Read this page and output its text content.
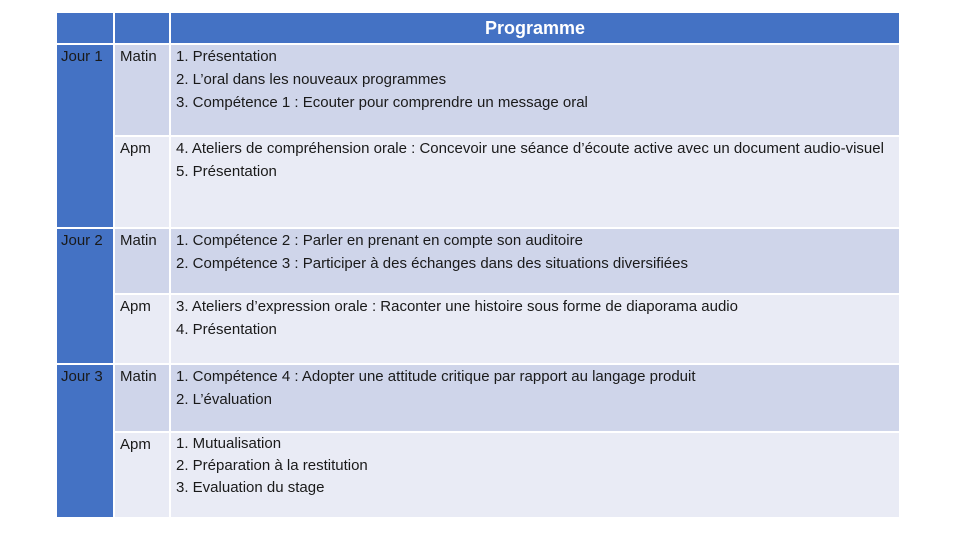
		Programme
Jour 1	Matin	1. Présentation
2. L’oral dans les nouveaux programmes
3. Compétence 1 : Ecouter pour comprendre un message oral

	Apm	4. Ateliers de compréhension orale : Concevoir une séance d’écoute active avec un document audio-visuel
5. Présentation

Jour 2	Matin	1. Compétence 2 : Parler en prenant en compte son auditoire
2. Compétence 3 : Participer à des échanges dans des situations diversifiées

	Apm	3. Ateliers d’expression orale : Raconter une histoire sous forme de diaporama audio
4. Présentation

Jour 3	Matin	1. Compétence 4 : Adopter une attitude critique par rapport au langage produit
2. L’évaluation

	Apm	1. Mutualisation
2. Préparation à la restitution
3. Evaluation du stage
